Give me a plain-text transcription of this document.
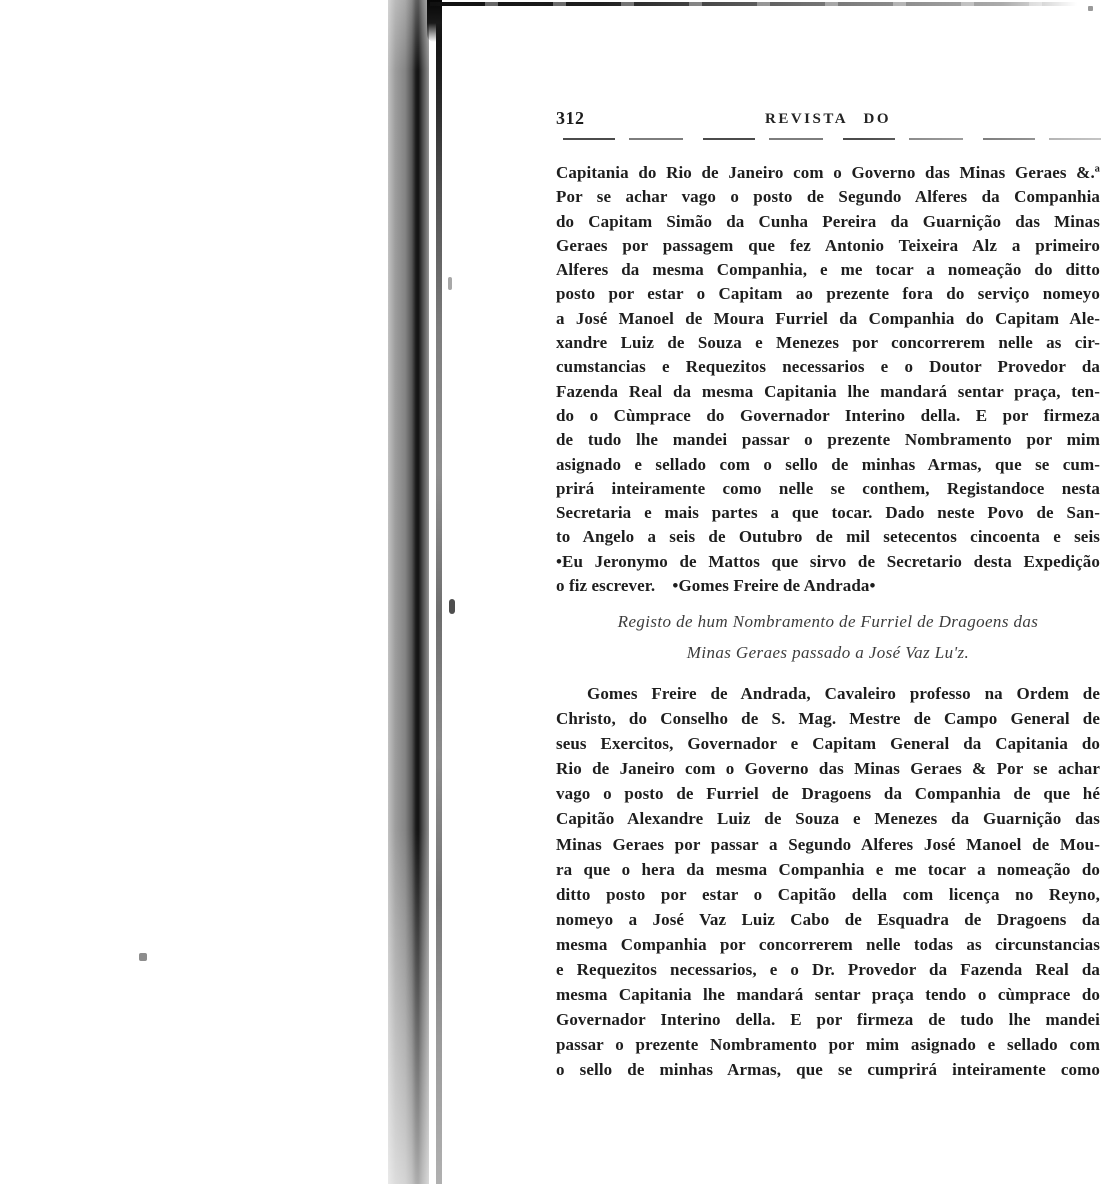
312	REVISTA DO
Capitania do Rio de Janeiro com o Governo das Minas Geraes &.ª
Por se achar vago o posto de Segundo Alferes da Companhia
do Capitam Simão da Cunha Pereira da Guarnição das Minas
Geraes por passagem que fez Antonio Teixeira Alz a primeiro
Alferes da mesma Companhia, e me tocar a nomeação do ditto
posto por estar o Capitam ao prezente fora do serviço nomeyo
a José Manoel de Moura Furriel da Companhia do Capitam Ale-
xandre Luiz de Souza e Menezes por concorrerem nelle as cir-
cumstancias e Requezitos necessarios e o Doutor Provedor da
Fazenda Real da mesma Capitania lhe mandará sentar praça, ten-
do o Cùmprace do Governador Interino della. E por firmeza
de tudo lhe mandei passar o prezente Nombramento por mim
asignado e sellado com o sello de minhas Armas, que se cum-
prirá inteiramente como nelle se conthem, Registandoce nesta
Secretaria e mais partes a que tocar. Dado neste Povo de San-
to Angelo a seis de Outubro de mil setecentos cincoenta e seis
•Eu Jeronymo de Mattos que sirvo de Secretario desta Expedição
o fiz escrever.  •Gomes Freire de Andrada•
Registo de hum Nombramento de Furriel de Dragoens das
Minas Geraes passado a José Vaz Lu'z.
Gomes Freire de Andrada, Cavaleiro professo na Ordem de
Christo, do Conselho de S. Mag. Mestre de Campo General de
seus Exercitos, Governador e Capitam General da Capitania do
Rio de Janeiro com o Governo das Minas Geraes & Por se achar
vago o posto de Furriel de Dragoens da Companhia de que hé
Capitão Alexandre Luiz de Souza e Menezes da Guarnição das
Minas Geraes por passar a Segundo Alferes José Manoel de Mou-
ra que o hera da mesma Companhia e me tocar a nomeação do
ditto posto por estar o Capitão della com licença no Reyno,
nomeyo a José Vaz Luiz Cabo de Esquadra de Dragoens da
mesma Companhia por concorrerem nelle todas as circunstancias
e Requezitos necessarios, e o Dr. Provedor da Fazenda Real da
mesma Capitania lhe mandará sentar praça tendo o cùmprace do
Governador Interino della. E por firmeza de tudo lhe mandei
passar o prezente Nombramento por mim asignado e sellado com
o sello de minhas Armas, que se cumprirá inteiramente como
